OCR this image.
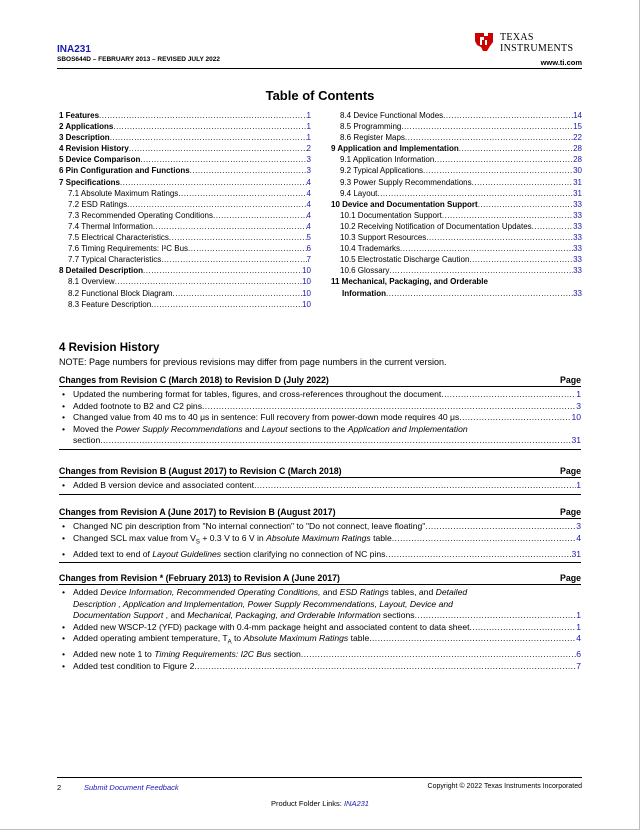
INA231
SBOS644D – FEBRUARY 2013 – REVISED JULY 2022
TEXAS
INSTRUMENTS
www.ti.com
Table of Contents
1 Features .....	1
2 Applications .....	1
3 Description .....	1
4 Revision History .....	2
5 Device Comparison .....	3
6 Pin Configuration and Functions .....	3
7 Specifications .....	4
7.1 Absolute Maximum Ratings .....	4
7.2 ESD Ratings .....	4
7.3 Recommended Operating Conditions .....	4
7.4 Thermal Information .....	4
7.5 Electrical Characteristics .....	5
7.6 Timing Requirements: I²C Bus .....	6
7.7 Typical Characteristics .....	7
8 Detailed Description .....	10
8.1 Overview .....	10
8.2 Functional Block Diagram .....	10
8.3 Feature Description .....	10
8.4 Device Functional Modes .....	14
8.5 Programming .....	15
8.6 Register Maps .....	22
9 Application and Implementation .....	28
9.1 Application Information .....	28
9.2 Typical Applications .....	30
9.3 Power Supply Recommendations .....	31
9.4 Layout .....	31
10 Device and Documentation Support .....	33
10.1 Documentation Support .....	33
10.2 Receiving Notification of Documentation Updates .....	33
10.3 Support Resources .....	33
10.4 Trademarks .....	33
10.5 Electrostatic Discharge Caution .....	33
10.6 Glossary .....	33
11 Mechanical, Packaging, and Orderable
Information .....	33
4 Revision History
NOTE: Page numbers for previous revisions may differ from page numbers in the current version.
Changes from Revision C (March 2018) to Revision D (July 2022)	Page
• Updated the numbering format for tables, figures, and cross-references throughout the document .....	1
• Added footnote to B2 and C2 pins .....	3
• Changed value from 40 ms to 40 μs in sentence: Full recovery from power-down mode requires 40 μs .....	10
• Moved the Power Supply Recommendations and Layout sections to the Application and Implementation
section .....	31
Changes from Revision B (August 2017) to Revision C (March 2018)	Page
• Added B version device and associated content .....	1
Changes from Revision A (June 2017) to Revision B (August 2017)	Page
• Changed NC pin description from "No internal connection" to "Do not connect, leave floating" .....	3
• Changed SCL max value from $V_S + 0.3$ V to 6 V in Absolute Maximum Ratings table .....	4
• Added text to end of Layout Guidelines section clarifying no connection of NC pins .....	31
Changes from Revision * (February 2013) to Revision A (June 2017)	Page
• Added Device Information, Recommended Operating Conditions, and ESD Ratings tables, and Detailed
Description , Application and Implementation, Power Supply Recommendations, Layout, Device and
Documentation Support , and Mechanical, Packaging, and Orderable Information sections .....	1
• Added new WSCP-12 (YFD) package with 0.4-mm package height and associated content to data sheet .....	1
• Added operating ambient temperature, $T_A$ to Absolute Maximum Ratings table .....	4
• Added new note 1 to Timing Requirements: I2C Bus section .....	6
• Added test condition to Figure 2 .....	7
2	Submit Document Feedback	Copyright © 2022 Texas Instruments Incorporated
Product Folder Links: INA231
